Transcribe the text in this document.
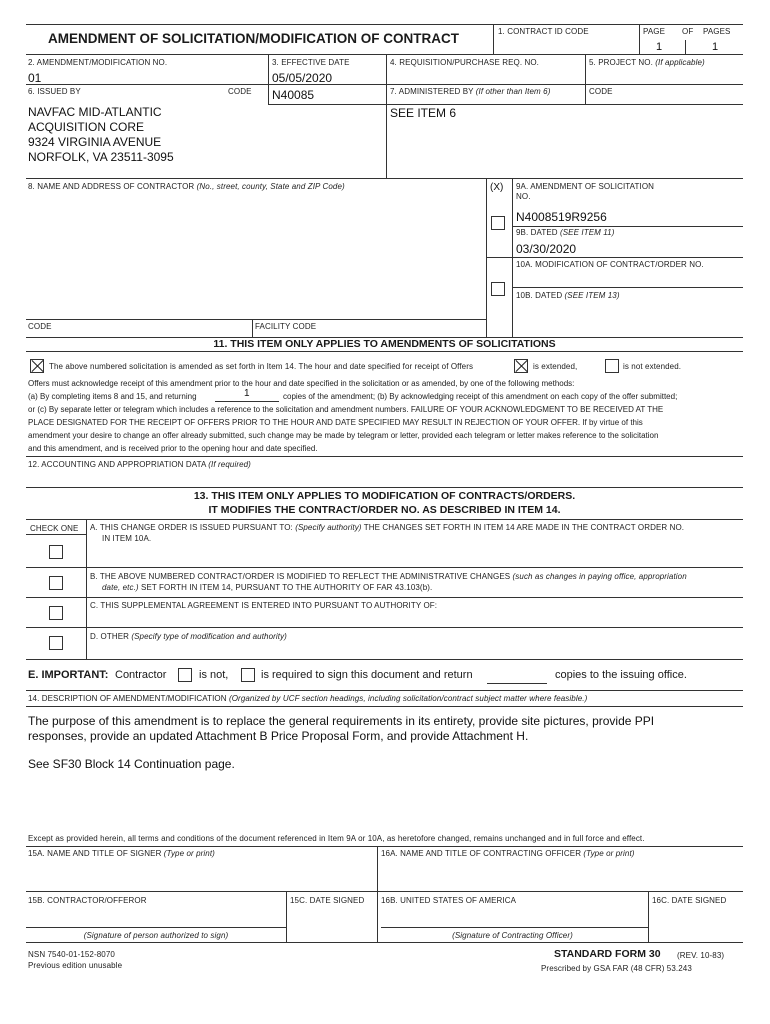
AMENDMENT OF SOLICITATION/MODIFICATION OF CONTRACT	1. CONTRACT ID CODE	PAGE OF PAGES
1	1
2. AMENDMENT/MODIFICATION NO.
01
3. EFFECTIVE DATE
05/05/2020
4. REQUISITION/PURCHASE REQ. NO.	5. PROJECT NO. (If applicable)
6. ISSUED BY	CODE N40085
NAVFAC MID-ATLANTIC
ACQUISITION CORE
9324 VIRGINIA AVENUE
NORFOLK, VA 23511-3095
7. ADMINISTERED BY (If other than Item 6)	CODE
SEE ITEM 6
8. NAME AND ADDRESS OF CONTRACTOR (No., street, county, State and ZIP Code)	(X) 9A. AMENDMENT OF SOLICITATION
NO.
N4008519R9256
9B. DATED (SEE ITEM 11)
03/30/2020
10A. MODIFICATION OF CONTRACT/ORDER NO.
10B. DATED (SEE ITEM 13)
CODE	FACILITY CODE
11. THIS ITEM ONLY APPLIES TO AMENDMENTS OF SOLICITATIONS
The above numbered solicitation is amended as set forth in Item 14. The hour and date specified for receipt of Offers	is extended,	is not extended.
Offers must acknowledge receipt of this amendment prior to the hour and date specified in the solicitation or as amended, by one of the following methods:
(a) By completing items 8 and 15, and returning	1	copies of the amendment; (b) By acknowledging receipt of this amendment on each copy of the offer submitted;
or (c) By separate letter or telegram which includes a reference to the solicitation and amendment numbers. FAILURE OF YOUR ACKNOWLEDGMENT TO BE RECEIVED AT THE
PLACE DESIGNATED FOR THE RECEIPT OF OFFERS PRIOR TO THE HOUR AND DATE SPECIFIED MAY RESULT IN REJECTION OF YOUR OFFER. If by virtue of this
amendment your desire to change an offer already submitted, such change may be made by telegram or letter, provided each telegram or letter makes reference to the solicitation
and this amendment, and is received prior to the opening hour and date specified.
12. ACCOUNTING AND APPROPRIATION DATA (If required)
13. THIS ITEM ONLY APPLIES TO MODIFICATION OF CONTRACTS/ORDERS.
IT MODIFIES THE CONTRACT/ORDER NO. AS DESCRIBED IN ITEM 14.
CHECK ONE A. THIS CHANGE ORDER IS ISSUED PURSUANT TO: (Specify authority) THE CHANGES SET FORTH IN ITEM 14 ARE MADE IN THE CONTRACT ORDER NO.
IN ITEM 10A.
B. THE ABOVE NUMBERED CONTRACT/ORDER IS MODIFIED TO REFLECT THE ADMINISTRATIVE CHANGES (such as changes in paying office, appropriation
date, etc.) SET FORTH IN ITEM 14, PURSUANT TO THE AUTHORITY OF FAR 43.103(b).
C. THIS SUPPLEMENTAL AGREEMENT IS ENTERED INTO PURSUANT TO AUTHORITY OF:
D. OTHER (Specify type of modification and authority)
E. IMPORTANT: Contractor	is not,	is required to sign this document and return	copies to the issuing office.
14. DESCRIPTION OF AMENDMENT/MODIFICATION (Organized by UCF section headings, including solicitation/contract subject matter where feasible.)
The purpose of this amendment is to replace the general requirements in its entirety, provide site pictures, provide PPI
responses, provide an updated Attachment B Price Proposal Form, and provide Attachment H.
See SF30 Block 14 Continuation page.
Except as provided herein, all terms and conditions of the document referenced in Item 9A or 10A, as heretofore changed, remains unchanged and in full force and effect.
15A. NAME AND TITLE OF SIGNER (Type or print)	16A. NAME AND TITLE OF CONTRACTING OFFICER (Type or print)
15B. CONTRACTOR/OFFEROR	15C. DATE SIGNED 16B. UNITED STATES OF AMERICA	16C. DATE SIGNED
(Signature of person authorized to sign)	(Signature of Contracting Officer)
NSN 7540-01-152-8070
Previous edition unusable
STANDARD FORM 30 (REV. 10-83)
Prescribed by GSA FAR (48 CFR) 53.243
